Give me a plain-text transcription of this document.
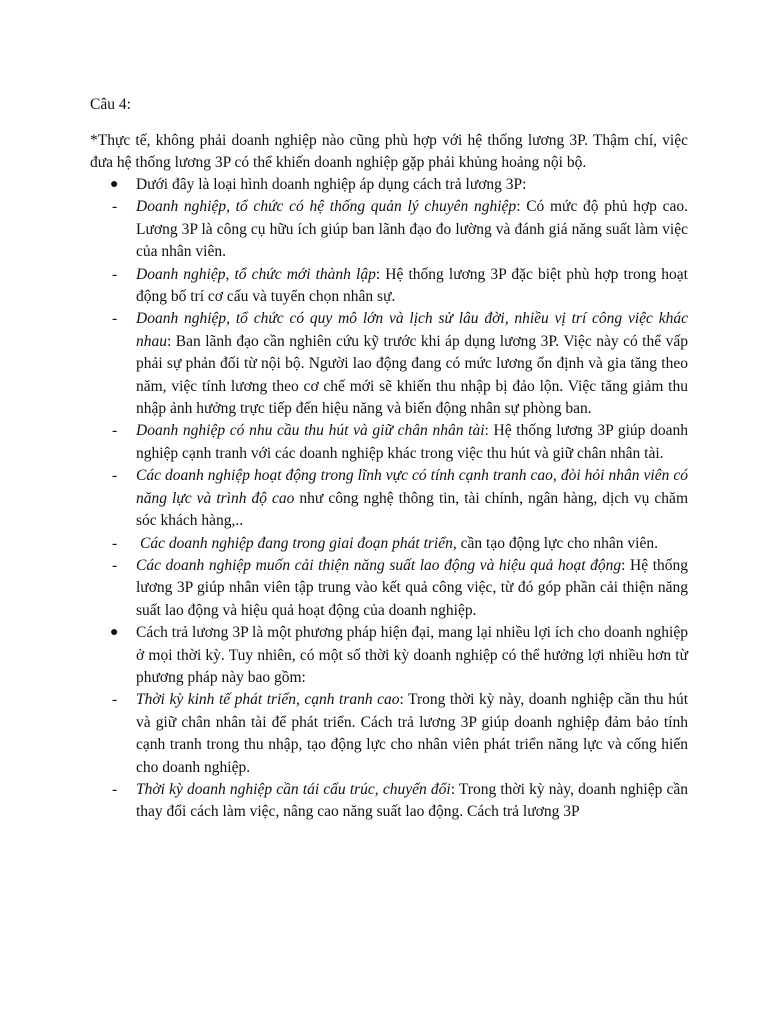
Câu 4:

*Thực tế, không phải doanh nghiệp nào cũng phù hợp với hệ thống lương 3P. Thậm chí, việc đưa hệ thống lương 3P có thể khiến doanh nghiệp gặp phải khủng hoảng nội bộ.

● Dưới đây là loại hình doanh nghiệp áp dụng cách trả lương 3P:

- Doanh nghiệp, tổ chức có hệ thống quản lý chuyên nghiệp: Có mức độ phủ hợp cao. Lương 3P là công cụ hữu ích giúp ban lãnh đạo đo lường và đánh giá năng suất làm việc của nhân viên.

- Doanh nghiệp, tổ chức mới thành lập: Hệ thống lương 3P đặc biệt phù hợp trong hoạt động bố trí cơ cấu và tuyển chọn nhân sự.

- Doanh nghiệp, tổ chức có quy mô lớn và lịch sử lâu đời, nhiều vị trí công việc khác nhau: Ban lãnh đạo cần nghiên cứu kỹ trước khi áp dụng lương 3P. Việc này có thể vấp phải sự phản đối từ nội bộ. Người lao động đang có mức lương ổn định và gia tăng theo năm, việc tính lương theo cơ chế mới sẽ khiến thu nhập bị đảo lộn. Việc tăng giảm thu nhập ảnh hưởng trực tiếp đến hiệu năng và biến động nhân sự phòng ban.

- Doanh nghiệp có nhu cầu thu hút và giữ chân nhân tài: Hệ thống lương 3P giúp doanh nghiệp cạnh tranh với các doanh nghiệp khác trong việc thu hút và giữ chân nhân tài.

- Các doanh nghiệp hoạt động trong lĩnh vực có tính cạnh tranh cao, đòi hỏi nhân viên có năng lực và trình độ cao như công nghệ thông tin, tài chính, ngân hàng, dịch vụ chăm sóc khách hàng,..

- Các doanh nghiệp đang trong giai đoạn phát triển, cần tạo động lực cho nhân viên.

- Các doanh nghiệp muốn cải thiện năng suất lao động và hiệu quả hoạt động: Hệ thống lương 3P giúp nhân viên tập trung vào kết quả công việc, từ đó góp phần cải thiện năng suất lao động và hiệu quả hoạt động của doanh nghiệp.

● Cách trả lương 3P là một phương pháp hiện đại, mang lại nhiều lợi ích cho doanh nghiệp ở mọi thời kỳ. Tuy nhiên, có một số thời kỳ doanh nghiệp có thể hưởng lợi nhiều hơn từ phương pháp này bao gồm:

- Thời kỳ kinh tế phát triển, cạnh tranh cao: Trong thời kỳ này, doanh nghiệp cần thu hút và giữ chân nhân tài để phát triển. Cách trả lương 3P giúp doanh nghiệp đảm bảo tính cạnh tranh trong thu nhập, tạo động lực cho nhân viên phát triển năng lực và cống hiến cho doanh nghiệp.

- Thời kỳ doanh nghiệp cần tái cấu trúc, chuyển đổi: Trong thời kỳ này, doanh nghiệp cần thay đổi cách làm việc, nâng cao năng suất lao động. Cách trả lương 3P
